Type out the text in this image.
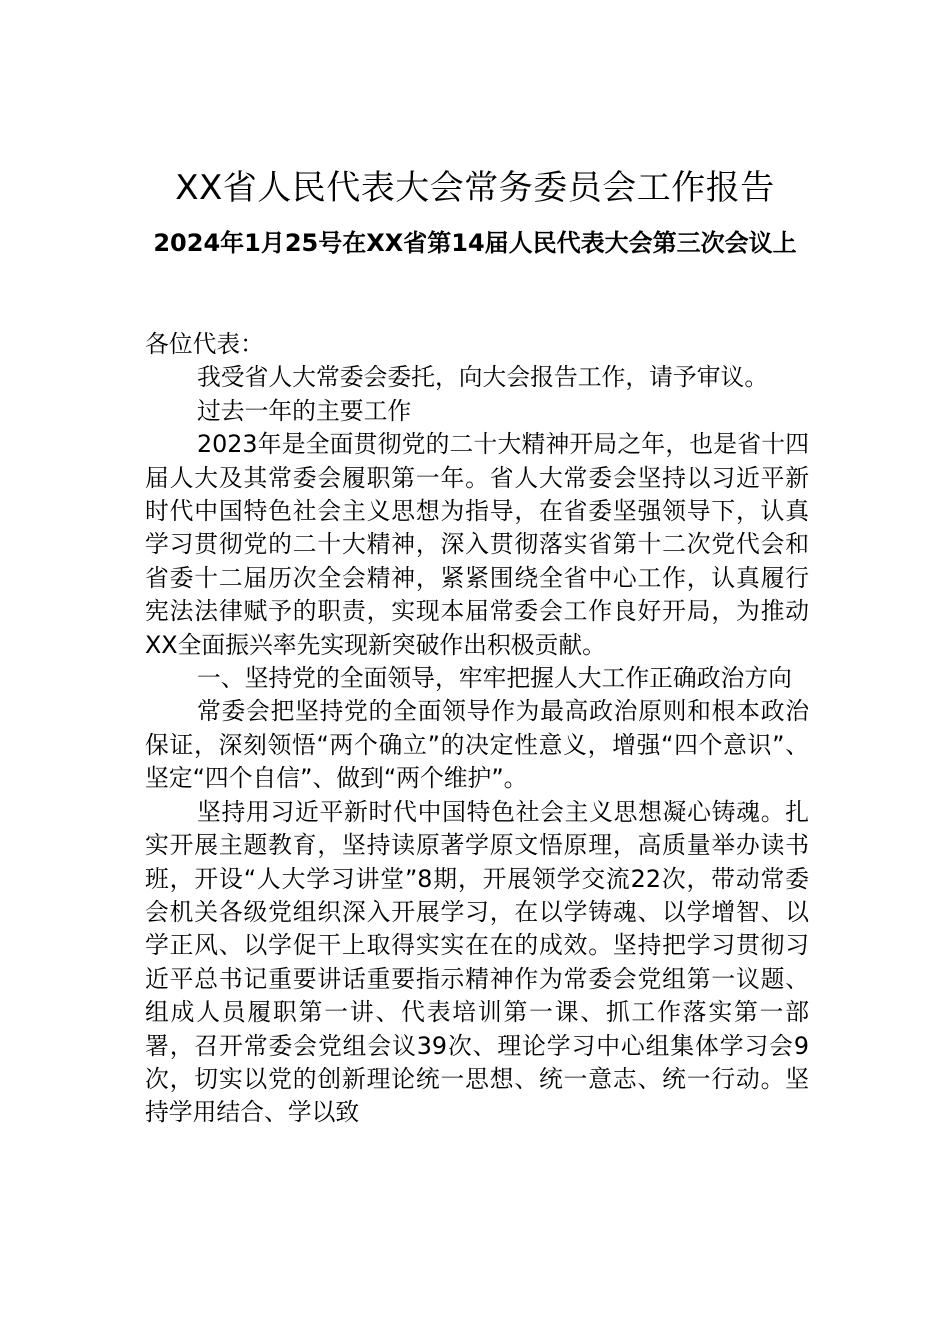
XX省人民代表大会常务委员会工作报告
2024年1月25号在XX省第14届人民代表大会第三次会议上

各位代表：

我受省人大常委会委托，向大会报告工作，请予审议。

过去一年的主要工作

2023年是全面贯彻党的二十大精神开局之年，也是省十四届人大及其常委会履职第一年。省人大常委会坚持以习近平新时代中国特色社会主义思想为指导，在省委坚强领导下，认真学习贯彻党的二十大精神，深入贯彻落实省第十二次党代会和省委十二届历次全会精神，紧紧围绕全省中心工作，认真履行宪法法律赋予的职责，实现本届常委会工作良好开局，为推动XX全面振兴率先实现新突破作出积极贡献。

一、坚持党的全面领导，牢牢把握人大工作正确政治方向

常委会把坚持党的全面领导作为最高政治原则和根本政治保证，深刻领悟“两个确立”的决定性意义，增强“四个意识”、坚定“四个自信”、做到“两个维护”。

坚持用习近平新时代中国特色社会主义思想凝心铸魂。扎实开展主题教育，坚持读原著学原文悟原理，高质量举办读书班，开设“人大学习讲堂”8期，开展领学交流22次，带动常委会机关各级党组织深入开展学习，在以学铸魂、以学增智、以学正风、以学促干上取得实实在在的成效。坚持把学习贯彻习近平总书记重要讲话重要指示精神作为常委会党组第一议题、组成人员履职第一讲、代表培训第一课、抓工作落实第一部署，召开常委会党组会议39次、理论学习中心组集体学习会9次，切实以党的创新理论统一思想、统一意志、统一行动。坚持学用结合、学以致
